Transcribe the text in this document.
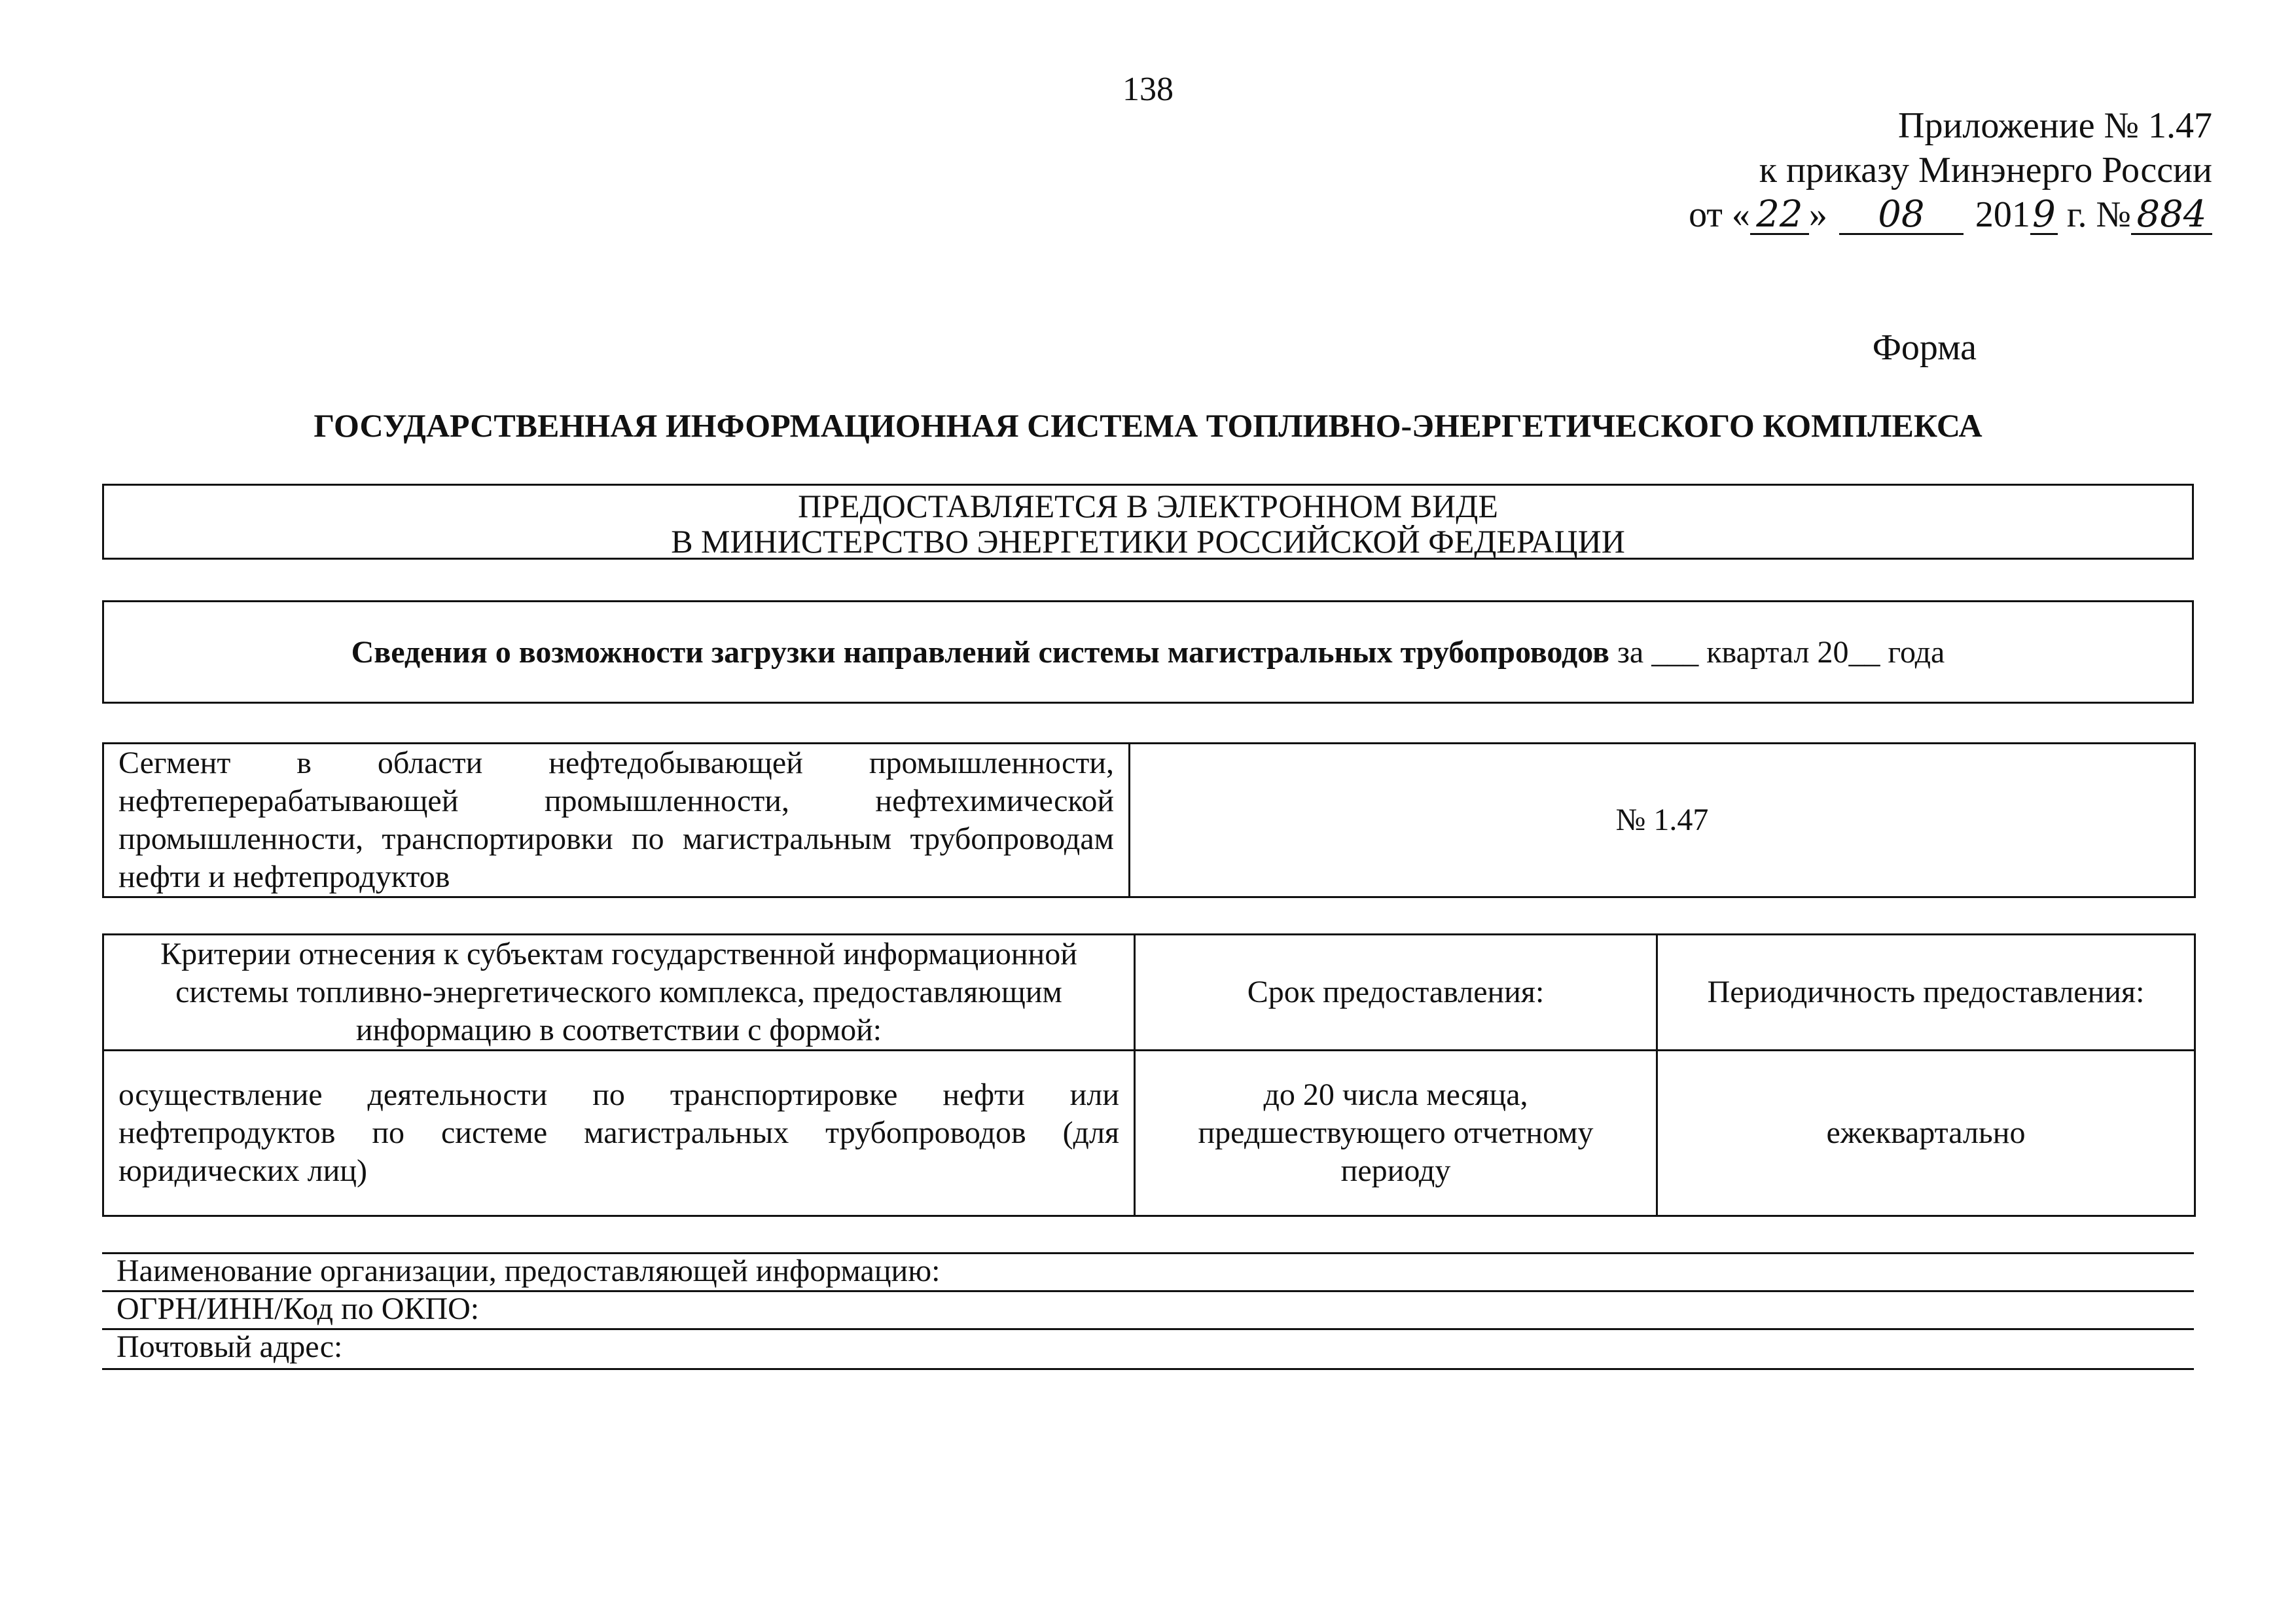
138
Приложение № 1.47
к приказу Минэнерго России
от « 22 » 08 2019 г. № 884
Форма
ГОСУДАРСТВЕННАЯ ИНФОРМАЦИОННАЯ СИСТЕМА ТОПЛИВНО-ЭНЕРГЕТИЧЕСКОГО КОМПЛЕКСА
ПРЕДОСТАВЛЯЕТСЯ В ЭЛЕКТРОННОМ ВИДЕ
В МИНИСТЕРСТВО ЭНЕРГЕТИКИ РОССИЙСКОЙ ФЕДЕРАЦИИ
Сведения о возможности загрузки направлений системы магистральных трубопроводов за ___ квартал 20__ года
Сегмент в области нефтедобывающей промышленности, нефтеперерабатывающей промышленности, нефтехимической промышленности, транспортировки по магистральным трубопроводам нефти и нефтепродуктов	№ 1.47
Критерии отнесения к субъектам государственной информационной системы топливно-энергетического комплекса, предоставляющим информацию в соответствии с формой:	Срок предоставления:	Периодичность предоставления:
осуществление деятельности по транспортировке нефти или нефтепродуктов по системе магистральных трубопроводов (для юридических лиц)	до 20 числа месяца, предшествующего отчетному периоду	ежеквартально
Наименование организации, предоставляющей информацию:
ОГРН/ИНН/Код по ОКПО:
Почтовый адрес:
